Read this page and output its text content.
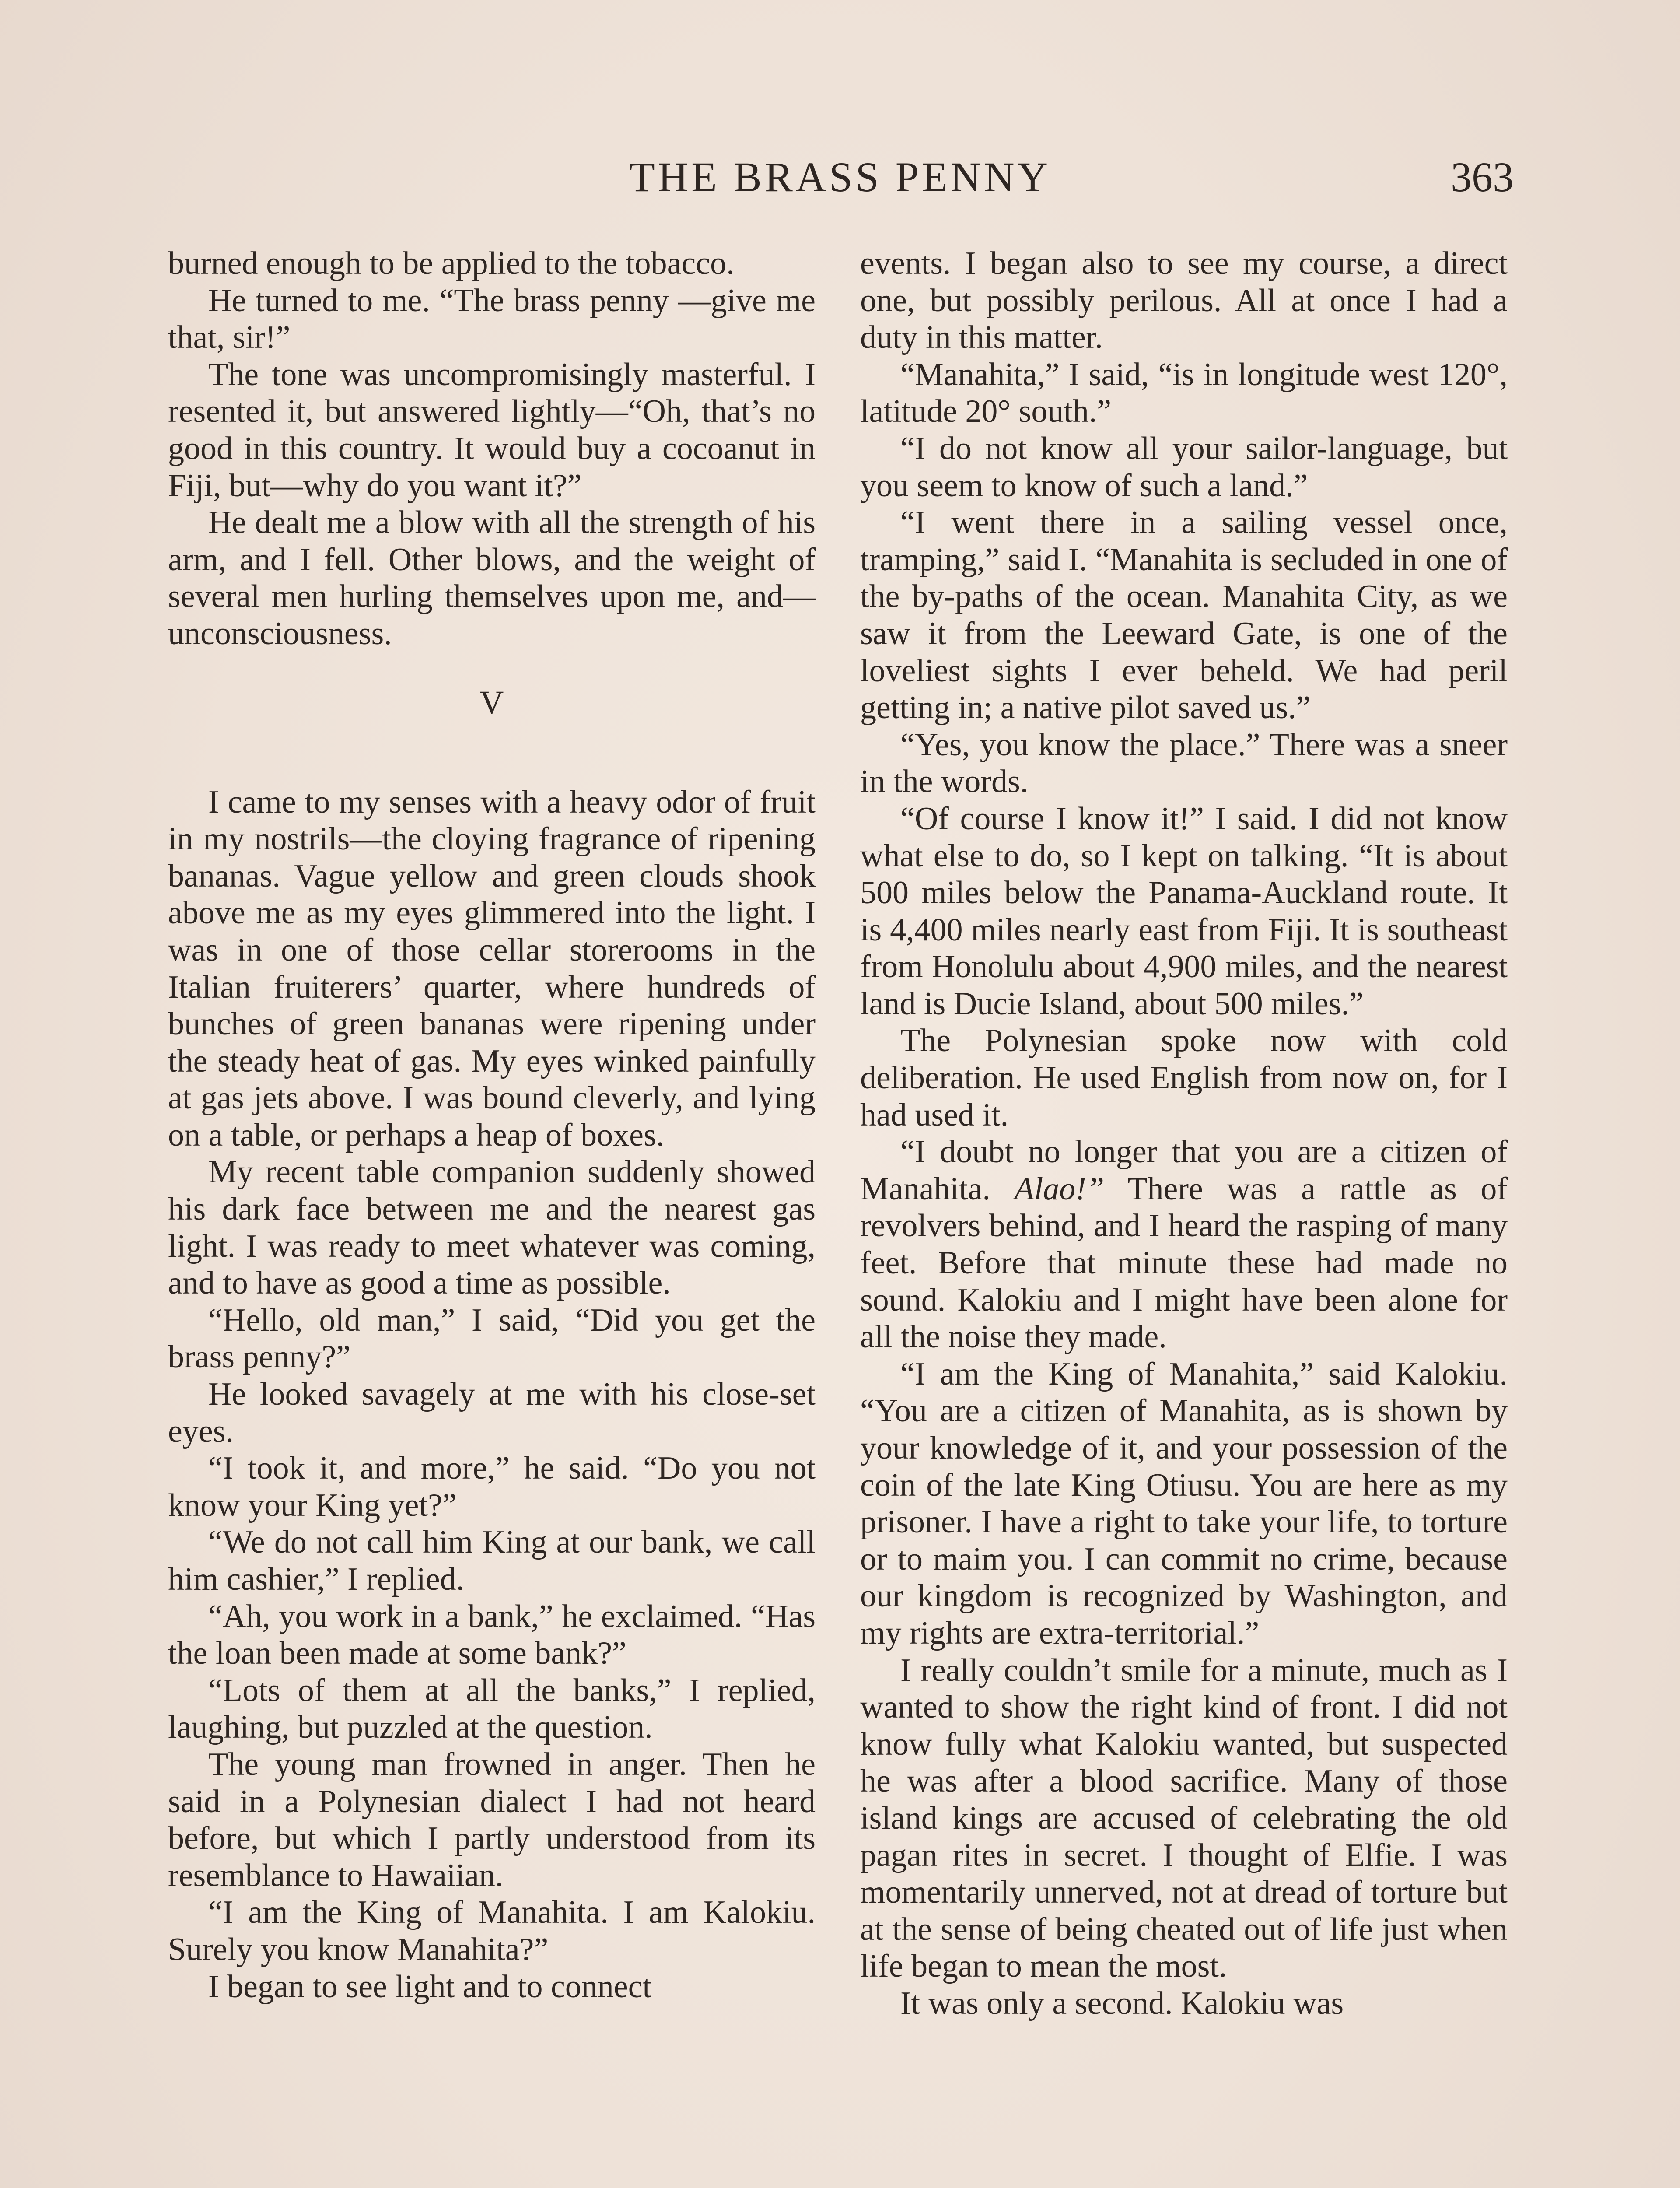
THE BRASS PENNY	363

burned enough to be applied to the tobacco.

He turned to me. “The brass penny —give me that, sir!”

The tone was uncompromisingly masterful. I resented it, but answered lightly—“Oh, that’s no good in this country. It would buy a cocoanut in Fiji, but—why do you want it?”

He dealt me a blow with all the strength of his arm, and I fell. Other blows, and the weight of several men hurling themselves upon me, and—unconsciousness.

V

I came to my senses with a heavy odor of fruit in my nostrils—the cloying fragrance of ripening bananas. Vague yellow and green clouds shook above me as my eyes glimmered into the light. I was in one of those cellar storerooms in the Italian fruiterers’ quarter, where hundreds of bunches of green bananas were ripening under the steady heat of gas. My eyes winked painfully at gas jets above. I was bound cleverly, and lying on a table, or perhaps a heap of boxes.

My recent table companion suddenly showed his dark face between me and the nearest gas light. I was ready to meet whatever was coming, and to have as good a time as possible.

“Hello, old man,” I said, “Did you get the brass penny?”

He looked savagely at me with his close-set eyes.

“I took it, and more,” he said. “Do you not know your King yet?”

“We do not call him King at our bank, we call him cashier,” I replied.

“Ah, you work in a bank,” he exclaimed. “Has the loan been made at some bank?”

“Lots of them at all the banks,” I replied, laughing, but puzzled at the question.

The young man frowned in anger. Then he said in a Polynesian dialect I had not heard before, but which I partly understood from its resemblance to Hawaiian.

“I am the King of Manahita. I am Kalokiu. Surely you know Manahita?”

I began to see light and to connect

events. I began also to see my course, a direct one, but possibly perilous. All at once I had a duty in this matter.

“Manahita,” I said, “is in longitude west 120°, latitude 20° south.”

“I do not know all your sailor-language, but you seem to know of such a land.”

“I went there in a sailing vessel once, tramping,” said I. “Manahita is secluded in one of the by-paths of the ocean. Manahita City, as we saw it from the Leeward Gate, is one of the loveliest sights I ever beheld. We had peril getting in; a native pilot saved us.”

“Yes, you know the place.” There was a sneer in the words.

“Of course I know it!” I said. I did not know what else to do, so I kept on talking. “It is about 500 miles below the Panama-Auckland route. It is 4,400 miles nearly east from Fiji. It is southeast from Honolulu about 4,900 miles, and the nearest land is Ducie Island, about 500 miles.”

The Polynesian spoke now with cold deliberation. He used English from now on, for I had used it.

“I doubt no longer that you are a citizen of Manahita. Alao!” There was a rattle as of revolvers behind, and I heard the rasping of many feet. Before that minute these had made no sound. Kalokiu and I might have been alone for all the noise they made.

“I am the King of Manahita,” said Kalokiu. “You are a citizen of Manahita, as is shown by your knowledge of it, and your possession of the coin of the late King Otiusu. You are here as my prisoner. I have a right to take your life, to torture or to maim you. I can commit no crime, because our kingdom is recognized by Washington, and my rights are extra-territorial.”

I really couldn’t smile for a minute, much as I wanted to show the right kind of front. I did not know fully what Kalokiu wanted, but suspected he was after a blood sacrifice. Many of those island kings are accused of celebrating the old pagan rites in secret. I thought of Elfie. I was momentarily unnerved, not at dread of torture but at the sense of being cheated out of life just when life began to mean the most.

It was only a second. Kalokiu was
